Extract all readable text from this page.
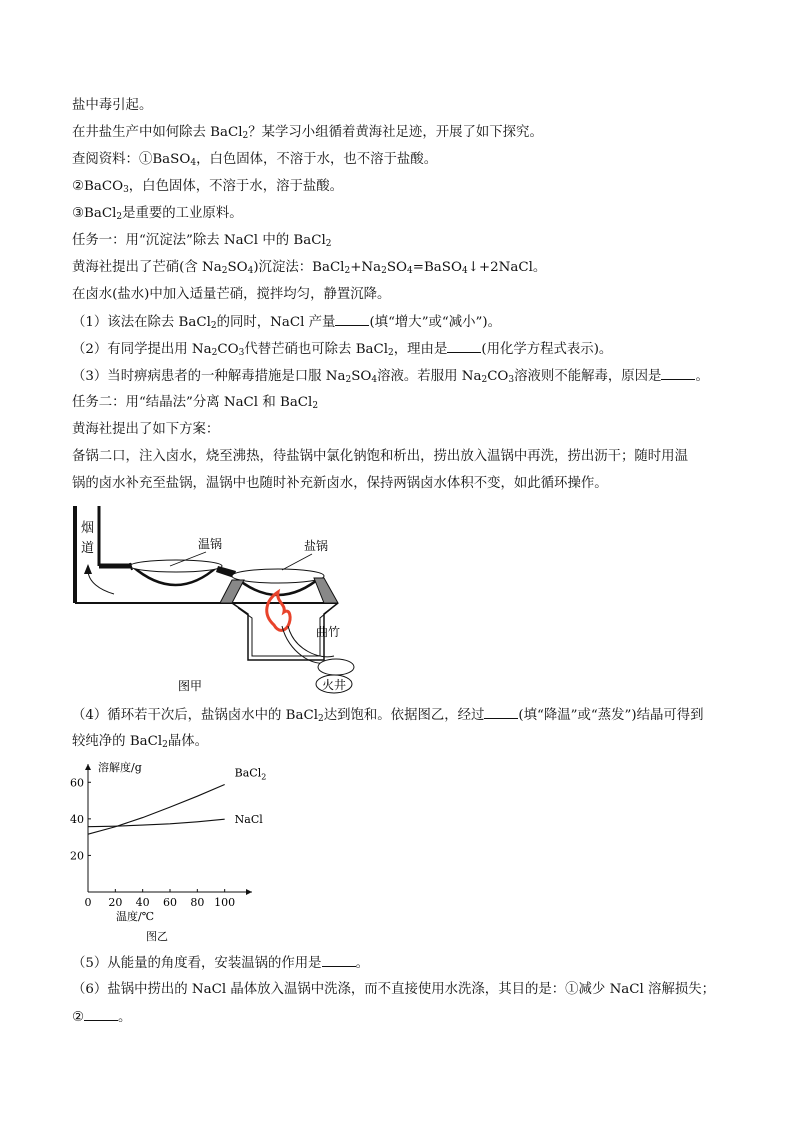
盐中毒引起。
在井盐生产中如何除去 BaCl$_2$？某学习小组循着黄海社足迹，开展了如下探究。
查阅资料：①BaSO$_4$，白色固体，不溶于水，也不溶于盐酸。
②BaCO$_3$，白色固体，不溶于水，溶于盐酸。
③BaCl$_2$是重要的工业原料。
任务一：用“沉淀法”除去 NaCl 中的 BaCl$_2$
黄海社提出了芒硝(含 $Na_2SO_4$)沉淀法：$BaCl_2+Na_2SO_4=BaSO_4↓+2NaCl$。
在卤水(盐水)中加入适量芒硝，搅拌均匀，静置沉降。
（1）该法在除去 BaCl$_2$的同时，NaCl 产量	(填“增大”或“减小”)。
（2）有同学提出用 $Na_2CO_3$代替芒硝也可除去 BaCl$_2$，理由是	(用化学方程式表示)。
（3）当时痹病患者的一种解毒措施是口服 $Na_2SO_4$溶液。若服用 $Na_2CO_3$溶液则不能解毒，原因是	。
任务二：用“结晶法”分离 NaCl 和 BaCl$_2$
黄海社提出了如下方案：
备锅二口，注入卤水，烧至沸热，待盐锅中氯化钠饱和析出，捞出放入温锅中再洗，捞出沥干；随时用温
锅的卤水补充至盐锅，温锅中也随时补充新卤水，保持两锅卤水体积不变，如此循环操作。
烟
道	温锅	盐锅
曲竹
火井
图甲
（4）循环若干次后，盐锅卤水中的 BaCl$_2$达到饱和。依据图乙，经过	(填“降温”或“蒸发”)结晶可得到
较纯净的 BaCl$_2$晶体。
0 20 40 60 80 100
20
40
60
BaCl$_2$
NaCl
溶解度/g
温度/℃
图乙
（5）从能量的角度看，安装温锅的作用是	。
（6）盐锅中捞出的 NaCl 晶体放入温锅中洗涤，而不直接使用水洗涤，其目的是：①减少 NaCl 溶解损失；
②	。
